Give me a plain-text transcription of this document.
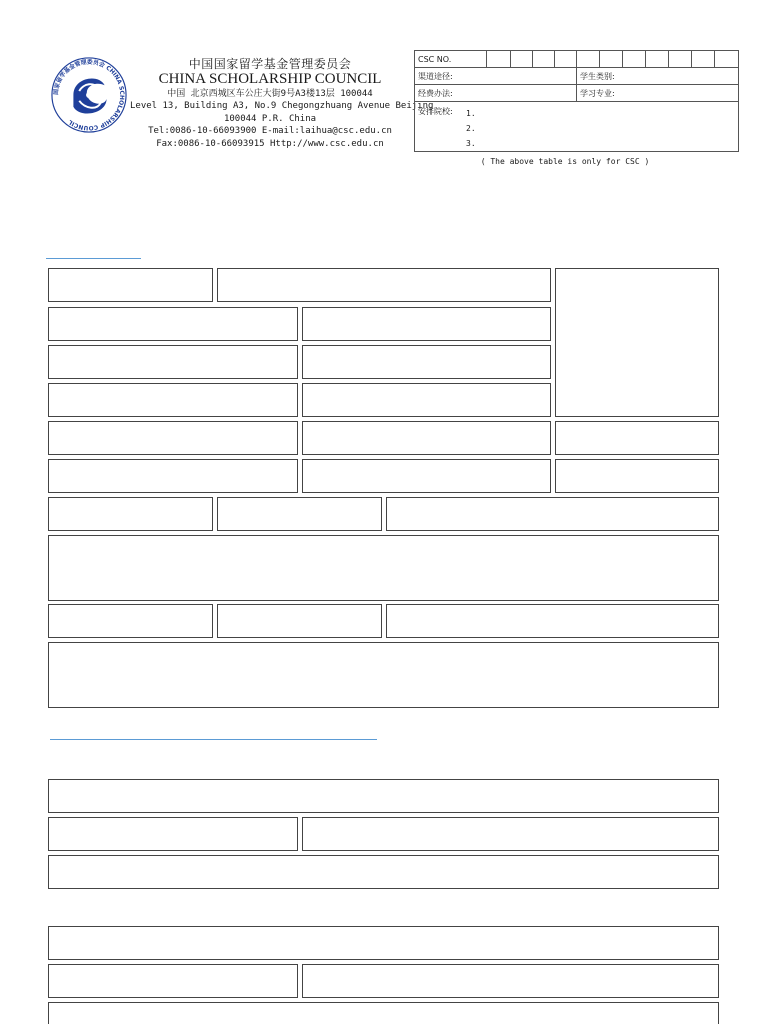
国家留学基金管理委员会 CHINA SCHOLARSHIP COUNCIL
中国国家留学基金管理委员会
CHINA SCHOLARSHIP COUNCIL
中国 北京西城区车公庄大街9号A3楼13层 100044
Level 13, Building A3, No.9 Chegongzhuang Avenue Beijing
100044 P.R. China
Tel:0086-10-66093900 E-mail:laihua@csc.edu.cn
Fax:0086-10-66093915 Http://www.csc.edu.cn
CSC NO.											
渠道途径:					学生类别:						
经费办法:					学习专业:						
安排院校: 1.
2.
3.											
( The above table is only for CSC )
